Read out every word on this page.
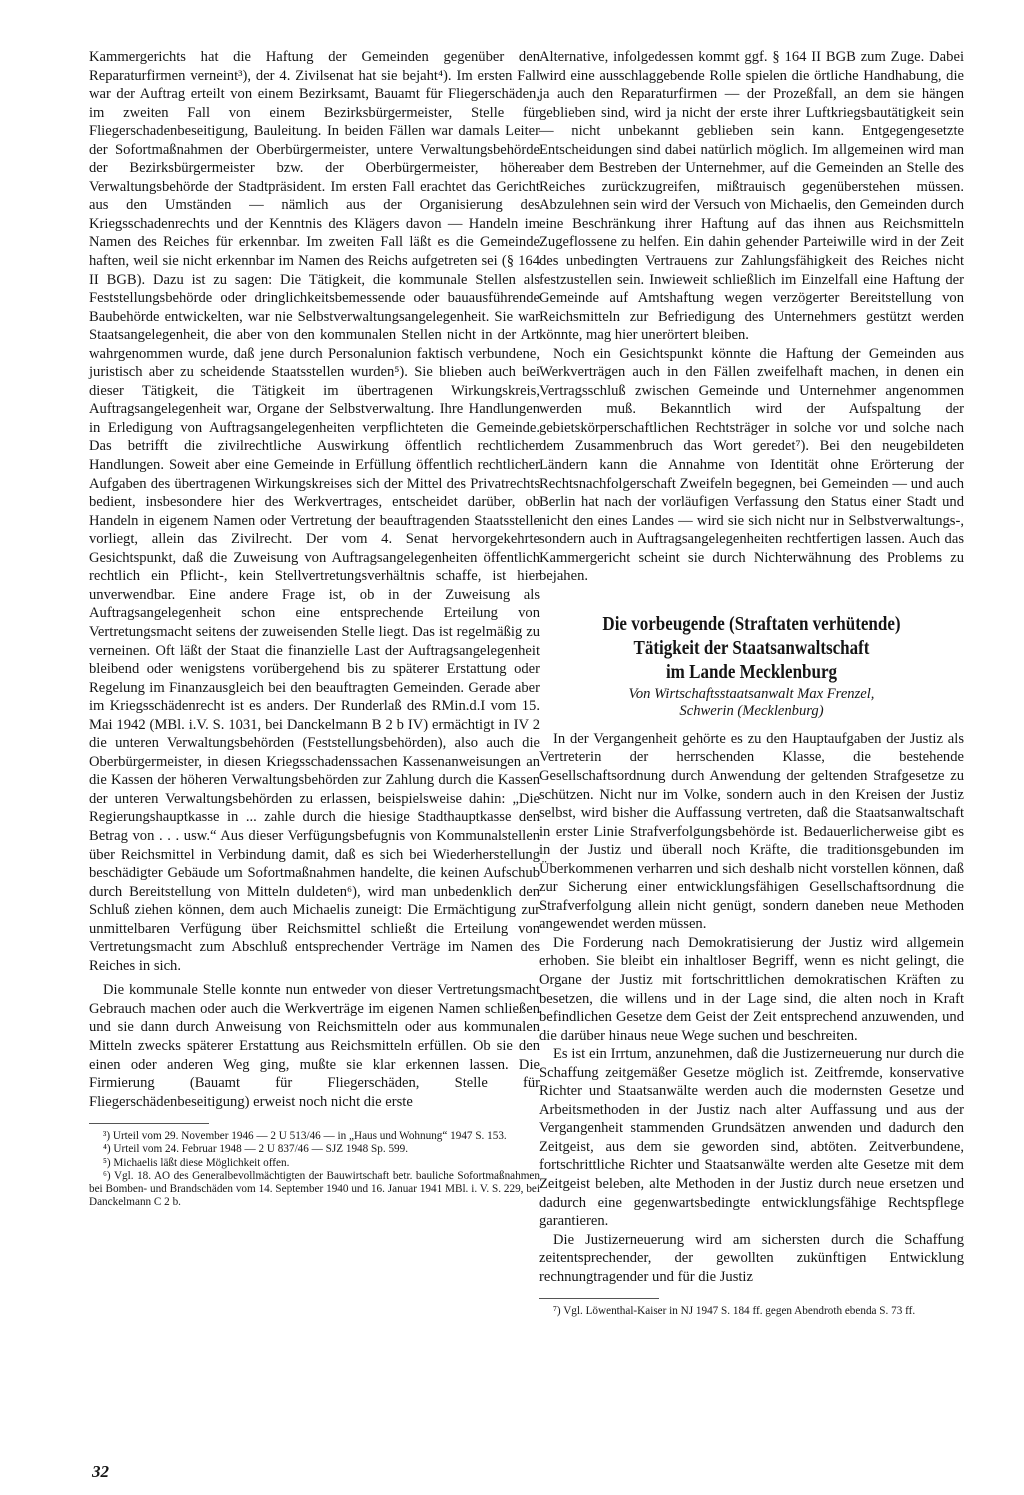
Kammergerichts hat die Haftung der Gemeinden gegenüber den Reparaturfirmen verneint³), der 4. Zivilsenat hat sie bejaht⁴). Im ersten Fall war der Auftrag erteilt von einem Bezirksamt, Bauamt für Fliegerschäden, im zweiten Fall von einem Bezirksbürgermeister, Stelle für Fliegerschadenbeseitigung, Bauleitung. In beiden Fällen war damals Leiter der Sofortmaßnahmen der Oberbürgermeister, untere Verwaltungsbehörde der Bezirksbürgermeister bzw. der Oberbürgermeister, höhere Verwaltungsbehörde der Stadtpräsident. Im ersten Fall erachtet das Gericht aus den Umständen — nämlich aus der Organisierung des Kriegsschadenrechts und der Kenntnis des Klägers davon — Handeln im Namen des Reiches für erkennbar. Im zweiten Fall läßt es die Gemeinde haften, weil sie nicht erkennbar im Namen des Reichs aufgetreten sei (§ 164 II BGB). Dazu ist zu sagen: Die Tätigkeit, die kommunale Stellen als Feststellungsbehörde oder dringlichkeitsbemessende oder bauausführende Baubehörde entwickelten, war nie Selbstverwaltungsangelegenheit. Sie war Staatsangelegenheit, die aber von den kommunalen Stellen nicht in der Art wahrgenommen wurde, daß jene durch Personalunion faktisch verbundene, juristisch aber zu scheidende Staatsstellen wurden⁵). Sie blieben auch bei dieser Tätigkeit, die Tätigkeit im übertragenen Wirkungskreis, Auftragsangelegenheit war, Organe der Selbstverwaltung. Ihre Handlungen in Erledigung von Auftragsangelegenheiten verpflichteten die Gemeinde. Das betrifft die zivilrechtliche Auswirkung öffentlich rechtlicher Handlungen. Soweit aber eine Gemeinde in Erfüllung öffentlich rechtlicher Aufgaben des übertragenen Wirkungskreises sich der Mittel des Privatrechts bedient, insbesondere hier des Werkvertrages, entscheidet darüber, ob Handeln in eigenem Namen oder Vertretung der beauftragenden Staatsstelle vorliegt, allein das Zivilrecht. Der vom 4. Senat hervorgekehrte Gesichtspunkt, daß die Zuweisung von Auftragsangelegenheiten öffentlich rechtlich ein Pflicht-, kein Stellvertretungsverhältnis schaffe, ist hier unverwendbar. Eine andere Frage ist, ob in der Zuweisung als Auftragsangelegenheit schon eine entsprechende Erteilung von Vertretungsmacht seitens der zuweisenden Stelle liegt. Das ist regelmäßig zu verneinen. Oft läßt der Staat die finanzielle Last der Auftragsangelegenheit bleibend oder wenigstens vorübergehend bis zu späterer Erstattung oder Regelung im Finanzausgleich bei den beauftragten Gemeinden. Gerade aber im Kriegsschädenrecht ist es anders. Der Runderlaß des RMin.d.I vom 15. Mai 1942 (MBl. i.V. S. 1031, bei Danckelmann B 2 b IV) ermächtigt in IV 2 die unteren Verwaltungsbehörden (Feststellungsbehörden), also auch die Oberbürgermeister, in diesen Kriegsschadenssachen Kassenanweisungen an die Kassen der höheren Verwaltungsbehörden zur Zahlung durch die Kassen der unteren Verwaltungsbehörden zu erlassen, beispielsweise dahin: „Die Regierungshauptkasse in ... zahle durch die hiesige Stadthauptkasse den Betrag von . . . usw.“ Aus dieser Verfügungsbefugnis von Kommunalstellen über Reichsmittel in Verbindung damit, daß es sich bei Wiederherstellung beschädigter Gebäude um Sofortmaßnahmen handelte, die keinen Aufschub durch Bereitstellung von Mitteln duldeten⁶), wird man unbedenklich den Schluß ziehen können, dem auch Michaelis zuneigt: Die Ermächtigung zur unmittelbaren Verfügung über Reichsmittel schließt die Erteilung von Vertretungsmacht zum Abschluß entsprechender Verträge im Namen des Reiches in sich.

Die kommunale Stelle konnte nun entweder von dieser Vertretungsmacht Gebrauch machen oder auch die Werkverträge im eigenen Namen schließen und sie dann durch Anweisung von Reichsmitteln oder aus kommunalen Mitteln zwecks späterer Erstattung aus Reichsmitteln erfüllen. Ob sie den einen oder anderen Weg ging, mußte sie klar erkennen lassen. Die Firmierung (Bauamt für Fliegerschäden, Stelle für Fliegerschädenbeseitigung) erweist noch nicht die erste

³) Urteil vom 29. November 1946 — 2 U 513/46 — in „Haus und Wohnung“ 1947 S. 153.

⁴) Urteil vom 24. Februar 1948 — 2 U 837/46 — SJZ 1948 Sp. 599.

⁵) Michaelis läßt diese Möglichkeit offen.

⁶) Vgl. 18. AO des Generalbevollmächtigten der Bauwirtschaft betr. bauliche Sofortmaßnahmen bei Bomben- und Brandschäden vom 14. September 1940 und 16. Januar 1941 MBl. i. V. S. 229, bei Danckelmann C 2 b.

Alternative, infolgedessen kommt ggf. § 164 II BGB zum Zuge. Dabei wird eine ausschlaggebende Rolle spielen die örtliche Handhabung, die ja auch den Reparaturfirmen — der Prozeßfall, an dem sie hängen geblieben sind, wird ja nicht der erste ihrer Luftkriegsbautätigkeit sein — nicht unbekannt geblieben sein kann. Entgegengesetzte Entscheidungen sind dabei natürlich möglich. Im allgemeinen wird man aber dem Bestreben der Unternehmer, auf die Gemeinden an Stelle des Reiches zurückzugreifen, mißtrauisch gegenüberstehen müssen. Abzulehnen sein wird der Versuch von Michaelis, den Gemeinden durch eine Beschränkung ihrer Haftung auf das ihnen aus Reichsmitteln Zugeflossene zu helfen. Ein dahin gehender Parteiwille wird in der Zeit des unbedingten Vertrauens zur Zahlungsfähigkeit des Reiches nicht festzustellen sein. Inwieweit schließlich im Einzelfall eine Haftung der Gemeinde auf Amtshaftung wegen verzögerter Bereitstellung von Reichsmitteln zur Befriedigung des Unternehmers gestützt werden könnte, mag hier unerörtert bleiben.

Noch ein Gesichtspunkt könnte die Haftung der Gemeinden aus Werkverträgen auch in den Fällen zweifelhaft machen, in denen ein Vertragsschluß zwischen Gemeinde und Unternehmer angenommen werden muß. Bekanntlich wird der Aufspaltung der gebietskörperschaftlichen Rechtsträger in solche vor und solche nach dem Zusammenbruch das Wort geredet⁷). Bei den neugebildeten Ländern kann die Annahme von Identität ohne Erörterung der Rechtsnachfolgerschaft Zweifeln begegnen, bei Gemeinden — und auch Berlin hat nach der vorläufigen Verfassung den Status einer Stadt und nicht den eines Landes — wird sie sich nicht nur in Selbstverwaltungs-, sondern auch in Auftragsangelegenheiten rechtfertigen lassen. Auch das Kammergericht scheint sie durch Nichterwähnung des Problems zu bejahen.

Die vorbeugende (Straftaten verhütende)
Tätigkeit der Staatsanwaltschaft
im Lande Mecklenburg
Von Wirtschaftsstaatsanwalt Max Frenzel,
Schwerin (Mecklenburg)

In der Vergangenheit gehörte es zu den Hauptaufgaben der Justiz als Vertreterin der herrschenden Klasse, die bestehende Gesellschaftsordnung durch Anwendung der geltenden Strafgesetze zu schützen. Nicht nur im Volke, sondern auch in den Kreisen der Justiz selbst, wird bisher die Auffassung vertreten, daß die Staatsanwaltschaft in erster Linie Strafverfolgungsbehörde ist. Bedauerlicherweise gibt es in der Justiz und überall noch Kräfte, die traditionsgebunden im Überkommenen verharren und sich deshalb nicht vorstellen können, daß zur Sicherung einer entwicklungsfähigen Gesellschaftsordnung die Strafverfolgung allein nicht genügt, sondern daneben neue Methoden angewendet werden müssen.

Die Forderung nach Demokratisierung der Justiz wird allgemein erhoben. Sie bleibt ein inhaltloser Begriff, wenn es nicht gelingt, die Organe der Justiz mit fortschrittlichen demokratischen Kräften zu besetzen, die willens und in der Lage sind, die alten noch in Kraft befindlichen Gesetze dem Geist der Zeit entsprechend anzuwenden, und die darüber hinaus neue Wege suchen und beschreiten.

Es ist ein Irrtum, anzunehmen, daß die Justizerneuerung nur durch die Schaffung zeitgemäßer Gesetze möglich ist. Zeitfremde, konservative Richter und Staatsanwälte werden auch die modernsten Gesetze und Arbeitsmethoden in der Justiz nach alter Auffassung und aus der Vergangenheit stammenden Grundsätzen anwenden und dadurch den Zeitgeist, aus dem sie geworden sind, abtöten. Zeitverbundene, fortschrittliche Richter und Staatsanwälte werden alte Gesetze mit dem Zeitgeist beleben, alte Methoden in der Justiz durch neue ersetzen und dadurch eine gegenwartsbedingte entwicklungsfähige Rechtspflege garantieren.

Die Justizerneuerung wird am sichersten durch die Schaffung zeitentsprechender, der gewollten zukünftigen Entwicklung rechnungtragender und für die Justiz

⁷) Vgl. Löwenthal-Kaiser in NJ 1947 S. 184 ff. gegen Abendroth ebenda S. 73 ff.

32
